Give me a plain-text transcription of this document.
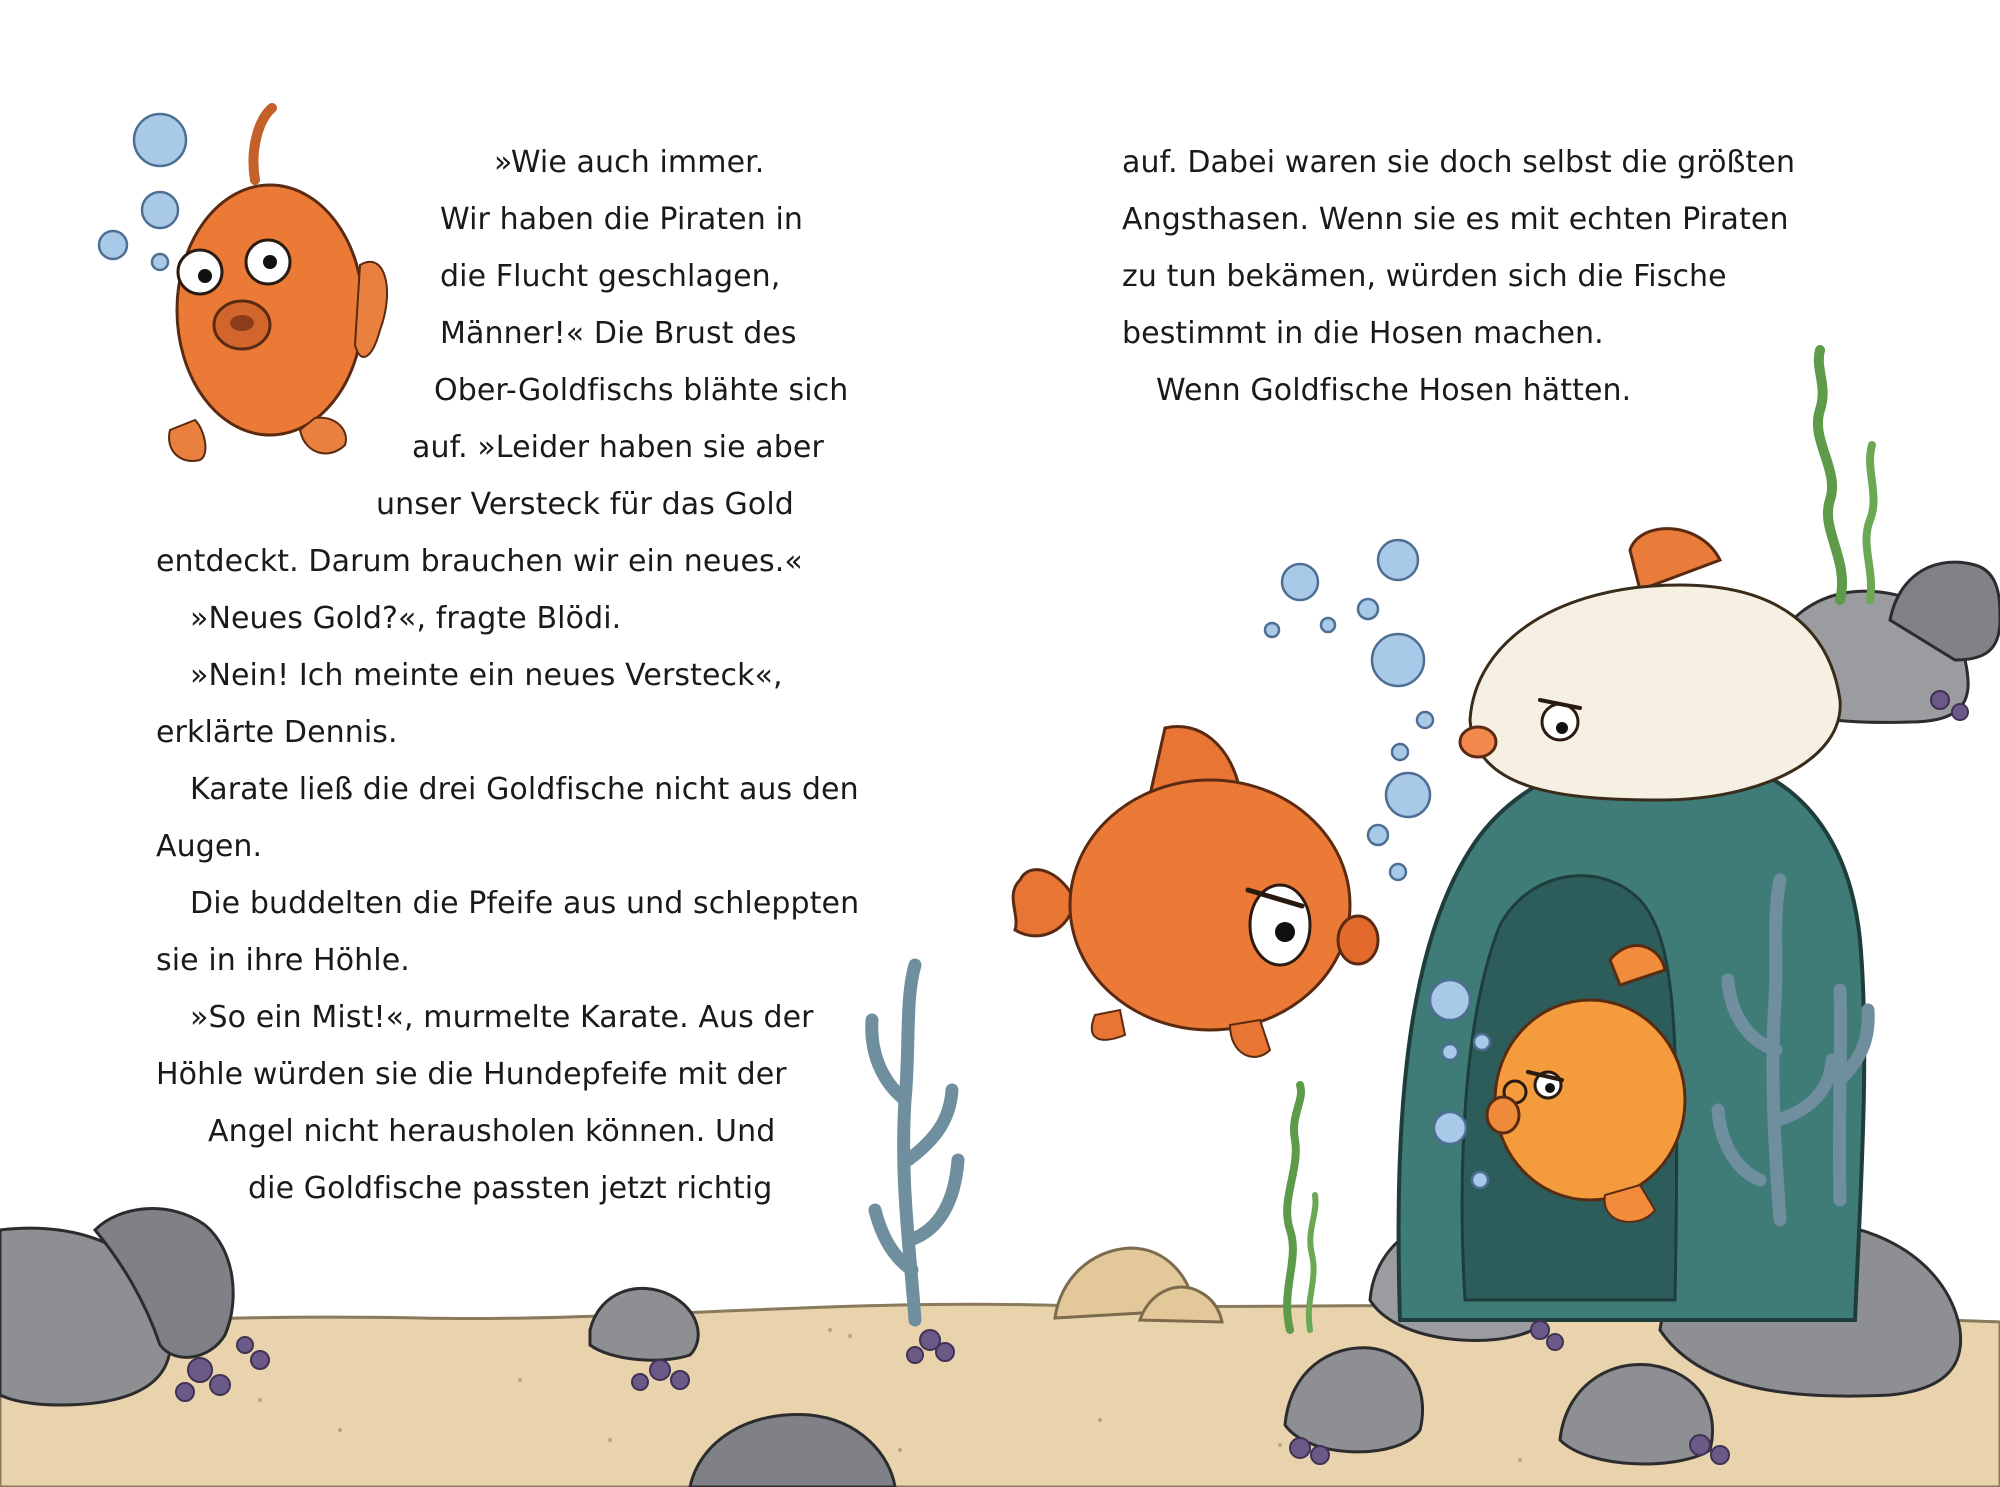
»Wie auch immer.
Wir haben die Piraten in
die Flucht geschlagen,
Männer!« Die Brust des
Ober-Goldfischs blähte sich
auf. »Leider haben sie aber
unser Versteck für das Gold
entdeckt. Darum brauchen wir ein neues.«
»Neues Gold?«, fragte Blödi.
»Nein! Ich meinte ein neues Versteck«,
erklärte Dennis.
Karate ließ die drei Goldfische nicht aus den
Augen.
Die buddelten die Pfeife aus und schleppten
sie in ihre Höhle.
»So ein Mist!«, murmelte Karate. Aus der
Höhle würden sie die Hundepfeife mit der
Angel nicht herausholen können. Und
die Goldfische passten jetzt richtig
auf. Dabei waren sie doch selbst die größten
Angsthasen. Wenn sie es mit echten Piraten
zu tun bekämen, würden sich die Fische
bestimmt in die Hosen machen.
Wenn Goldfische Hosen hätten.
